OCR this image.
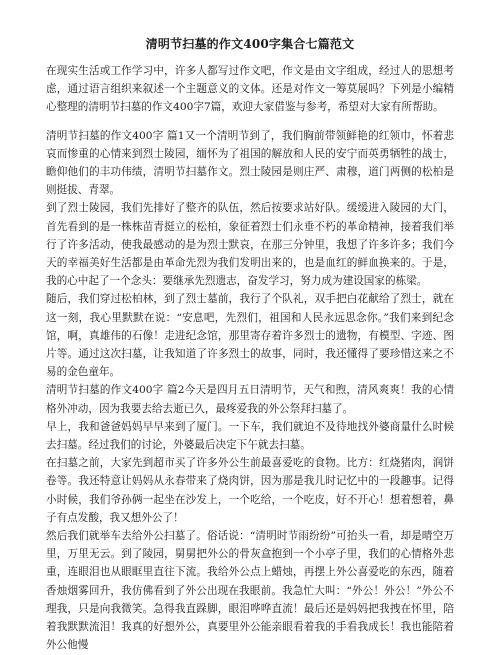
清明节扫墓的作文400字集合七篇范文

在现实生活或工作学习中，许多人都写过作文吧，作文是由文字组成，经过人的思想考虑，通过语言组织来叙述一个主题意义的文体。还是对作文一筹莫展吗？下列是小编精心整理的清明节扫墓的作文400字7篇，欢迎大家借鉴与参考，希望对大家有所帮助。

清明节扫墓的作文400字 篇1又一个清明节到了，我们胸前带领鲜艳的红领巾，怀着悲哀而惨重的心情来到烈士陵园，缅怀为了祖国的解放和人民的安宁而英勇牺牲的战士，瞻仰他们的丰功伟绩，清明节扫墓作文。烈士陵园是则庄严、肃穆，道门两侧的松柏是则挺拔、青翠。

到了烈士陵园，我们先排好了整齐的队伍，然后按要求站好队。缓缓进入陵园的大门，首先看到的是一株株苗青挺立的松柏，象征着烈士们永垂不朽的革命精神，接着我们举行了许多活动，使我最感动的是为烈士默哀，在那三分钟里，我想了许多许多；我们今天的幸福美好生活都是由革命先烈为我们发明出来的，也是血红的鲜血换来的。于是，我的心中起了一个念头：要继承先烈遗志，奋发学习，努力成为建设国家的栋梁。

随后，我们穿过松柏林，到了烈士墓前，我行了个队礼，双手把白花献给了烈士，就在这一刻，我心里默默在说：“安息吧，先烈们，祖国和人民永远思念你。”我们来到纪念馆，啊，真雄伟的石像！走进纪念馆，那里寄存着许多烈士的遗物，有模型、字迹、图片等。通过这次扫墓，让我知道了许多烈士的故事，同时，我还懂得了要珍惜这来之不易的金色童年。

清明节扫墓的作文400字 篇2今天是四月五日清明节，天气和煦，清风爽爽！我的心情格外冲动，因为我要去给去逝已久，最疼爱我的外公祭拜扫墓了。

早上，我和爸爸妈妈早早来到了厦门。一下车，我们就迫不及待地找外婆商量什么时候去扫墓。经过我们的讨论，外婆最后决定下午就去扫墓。

在扫墓之前，大家先到超市买了许多外公生前最喜爱吃的食物。比方：红烧猪肉，润饼卷等。我还特意让妈妈从永春带来了烧肉饼，因为那是我儿时记忆中的一段趣事。记得小时候，我们爷孙俩一起坐在沙发上，一个吃给，一个吃皮，好不开心！想着想着，鼻子有点发酸，我又想外公了！

然后我们就举车去给外公扫墓了。俗话说：“清明时节雨纷纷”可抬头一看，却是晴空万里，万里无云。到了陵园，舅舅把外公的骨灰盒抱到一个小亭子里，我们的心情格外悲重，连眼泪也从眼眶里直往下流。我给外公点上蜡烛，再摆上外公喜爱吃的东西，随着香烛烟雾回升，我仿佛看到了外公出现在我眼前。我急忙大叫：“外公！外公！”外公不理我，只是向我微笑。急得我直跺脚，眼泪哗哗直流！最后还是妈妈把我拽在怀里，陪着我默默流泪！我真的好想外公，真要里外公能亲眼看着我的手看我成长！我也能陪着外公他慢
